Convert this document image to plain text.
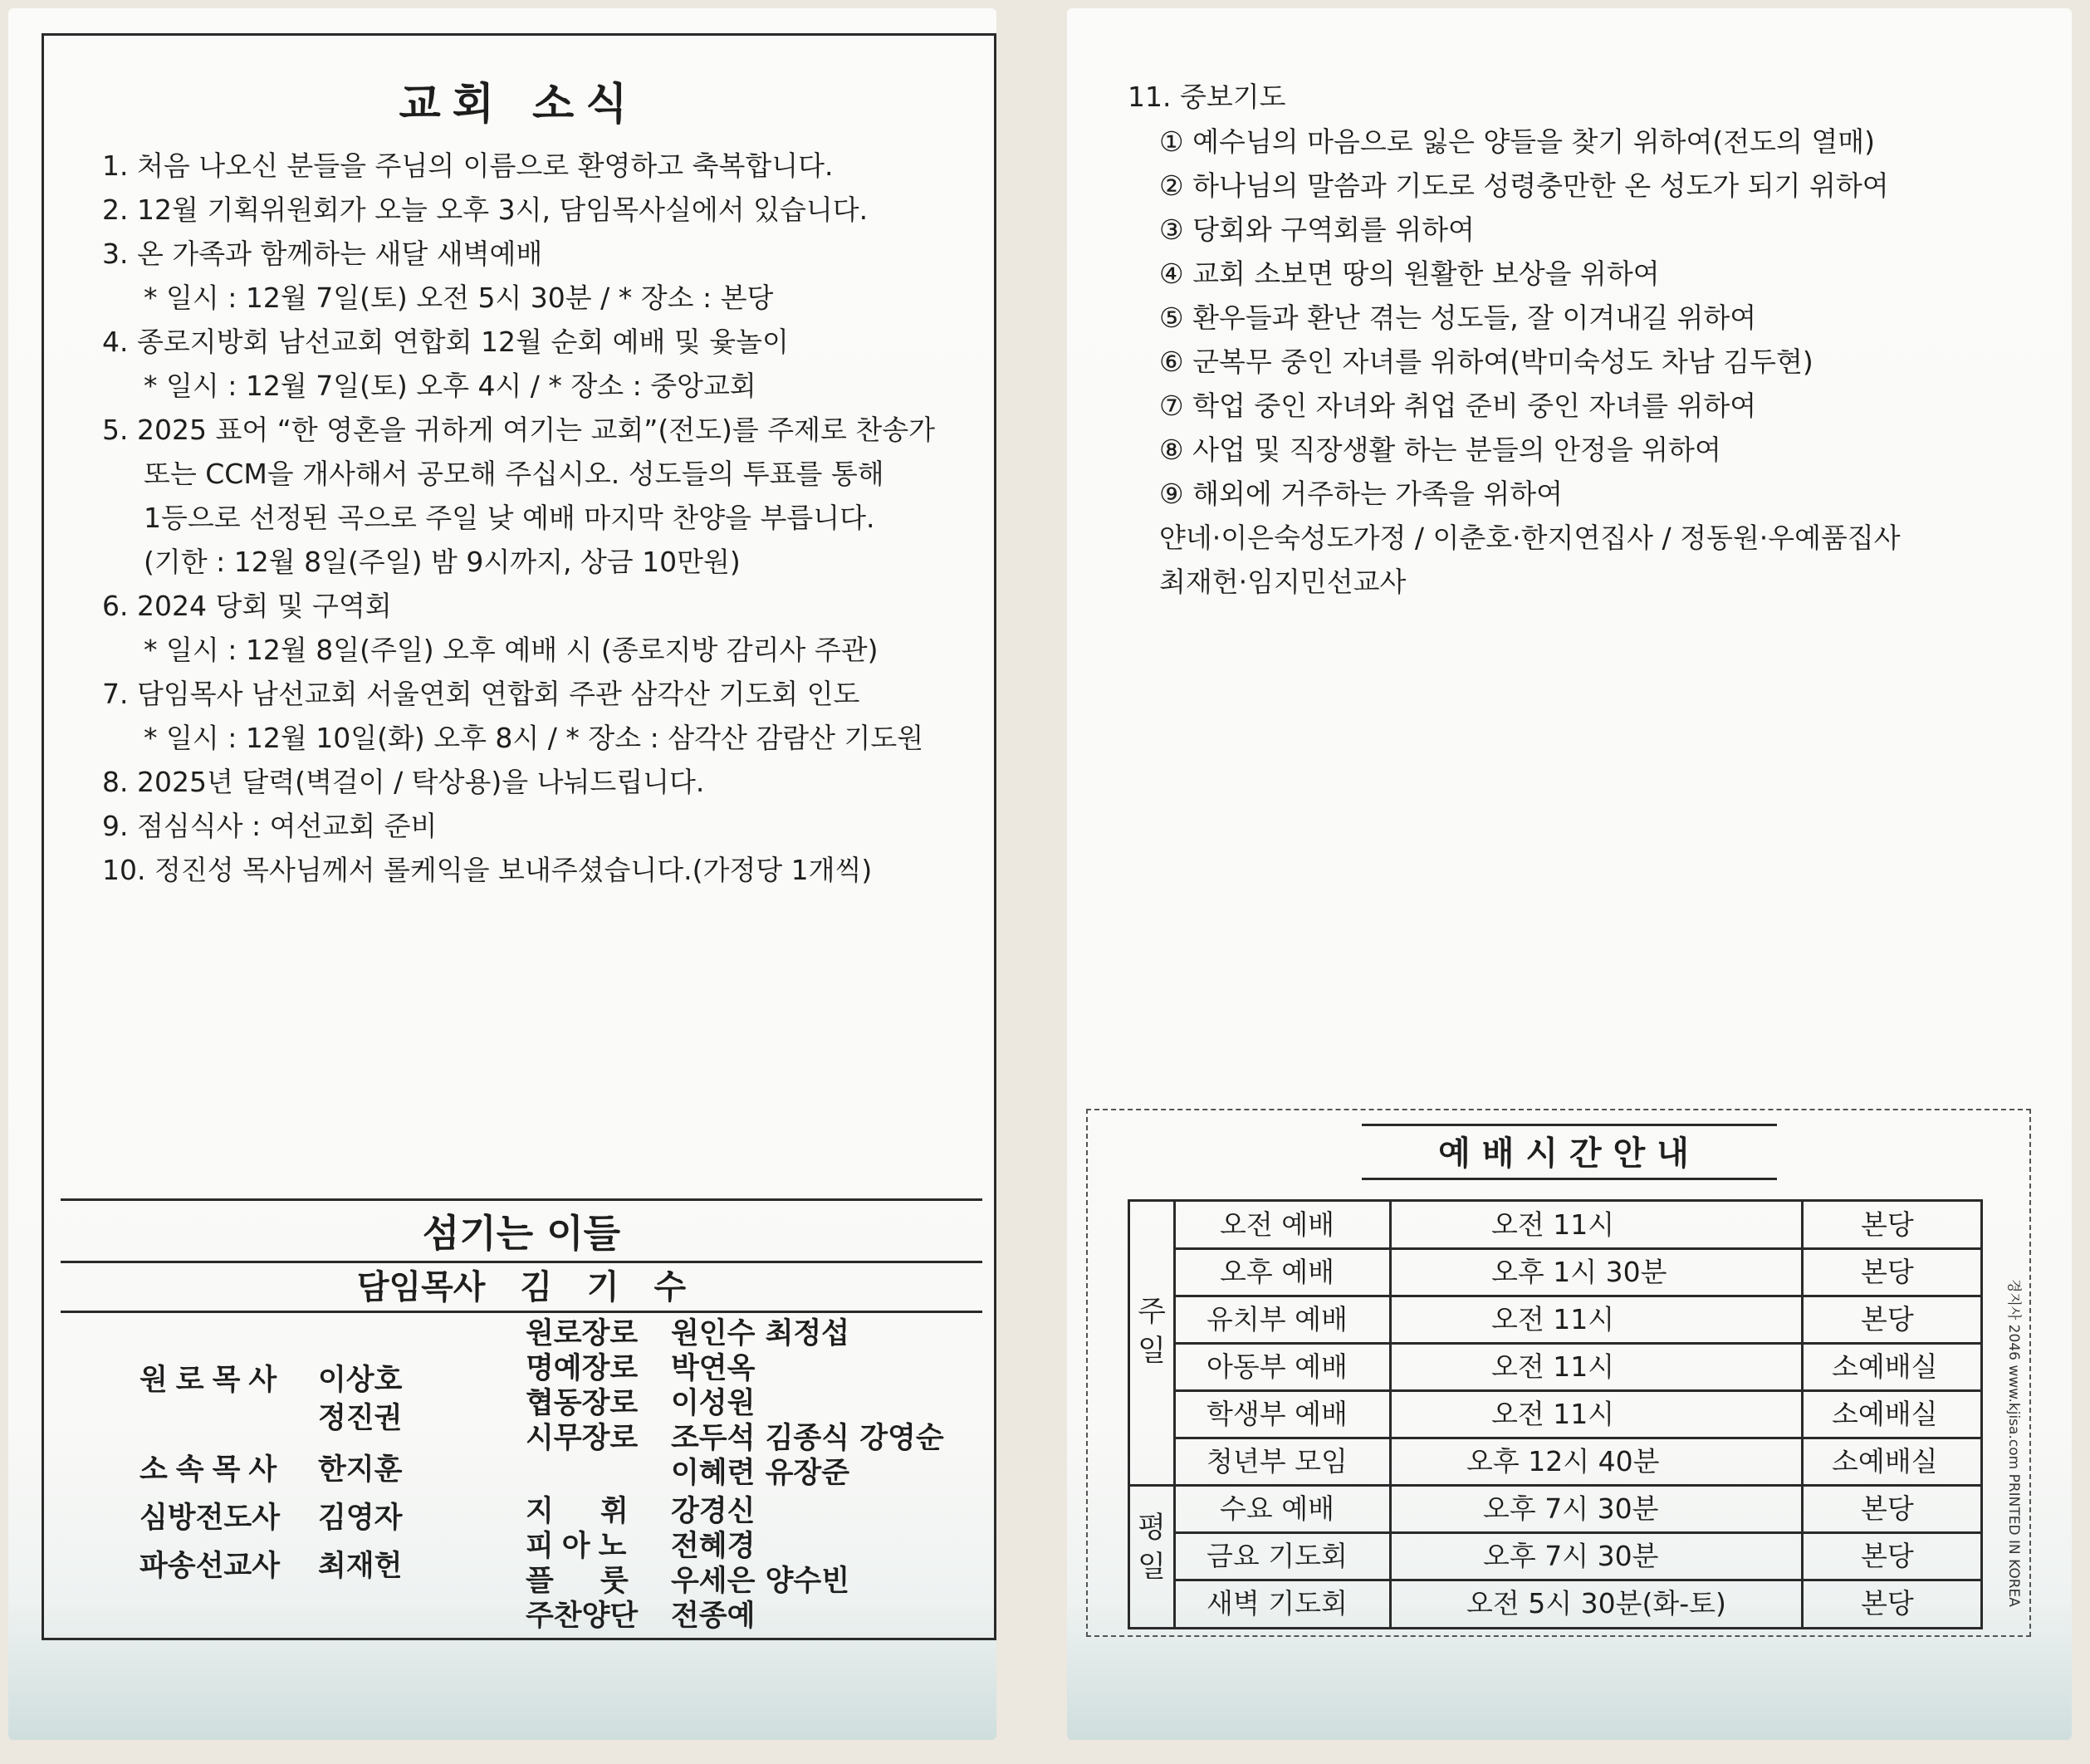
교회 소식
1. 처음 나오신 분들을 주님의 이름으로 환영하고 축복합니다.
2. 12월 기획위원회가 오늘 오후 3시, 담임목사실에서 있습니다.
3. 온 가족과 함께하는 새달 새벽예배
* 일시 : 12월 7일(토) 오전 5시 30분 / * 장소 : 본당
4. 종로지방회 남선교회 연합회 12월 순회 예배 및 윷놀이
* 일시 : 12월 7일(토) 오후 4시 / * 장소 : 중앙교회
5. 2025 표어 “한 영혼을 귀하게 여기는 교회”(전도)를 주제로 찬송가
또는 CCM을 개사해서 공모해 주십시오. 성도들의 투표를 통해
1등으로 선정된 곡으로 주일 낮 예배 마지막 찬양을 부릅니다.
(기한 : 12월 8일(주일) 밤 9시까지, 상금 10만원)
6. 2024 당회 및 구역회
* 일시 : 12월 8일(주일) 오후 예배 시 (종로지방 감리사 주관)
7. 담임목사 남선교회 서울연회 연합회 주관 삼각산 기도회 인도
* 일시 : 12월 10일(화) 오후 8시 / * 장소 : 삼각산 감람산 기도원
8. 2025년 달력(벽걸이 / 탁상용)을 나눠드립니다.
9. 점심식사 : 여선교회 준비
10. 정진성 목사님께서 롤케익을 보내주셨습니다.(가정당 1개씩)
섬기는 이들
담임목사 김 기 수
원로목사 이상호
정진권
소속목사 한지훈
심방전도사 김영자
파송선교사 최재헌
원로장로 원인수 최정섭
명예장로 박연옥
협동장로 이성원
시무장로 조두석 김종식 강영순
이혜련 유장준
지 휘 강경신
피아노 전혜경
플 룻 우세은 양수빈
주찬양단 전종예
11. 중보기도
① 예수님의 마음으로 잃은 양들을 찾기 위하여(전도의 열매)
② 하나님의 말씀과 기도로 성령충만한 온 성도가 되기 위하여
③ 당회와 구역회를 위하여
④ 교회 소보면 땅의 원활한 보상을 위하여
⑤ 환우들과 환난 겪는 성도들, 잘 이겨내길 위하여
⑥ 군복무 중인 자녀를 위하여(박미숙성도 차남 김두현)
⑦ 학업 중인 자녀와 취업 준비 중인 자녀를 위하여
⑧ 사업 및 직장생활 하는 분들의 안정을 위하여
⑨ 해외에 거주하는 가족을 위하여
얀네·이은숙성도가정 / 이춘호·한지연집사 / 정동원·우예품집사
최재헌·임지민선교사
예배시간안내
주
일
평
일
오전 예배	오전 11시	본당
오후 예배	오후 1시 30분	본당
유치부 예배	오전 11시	본당
아동부 예배	오전 11시	소예배실
학생부 예배	오전 11시	소예배실
청년부 모임	오후 12시 40분	소예배실
수요 예배	오후 7시 30분	본당
금요 기도회	오후 7시 30분	본당
새벽 기도회	오전 5시 30분(화-토)	본당	경지사 2046 www.kjisa.com PRINTED IN KOREA
